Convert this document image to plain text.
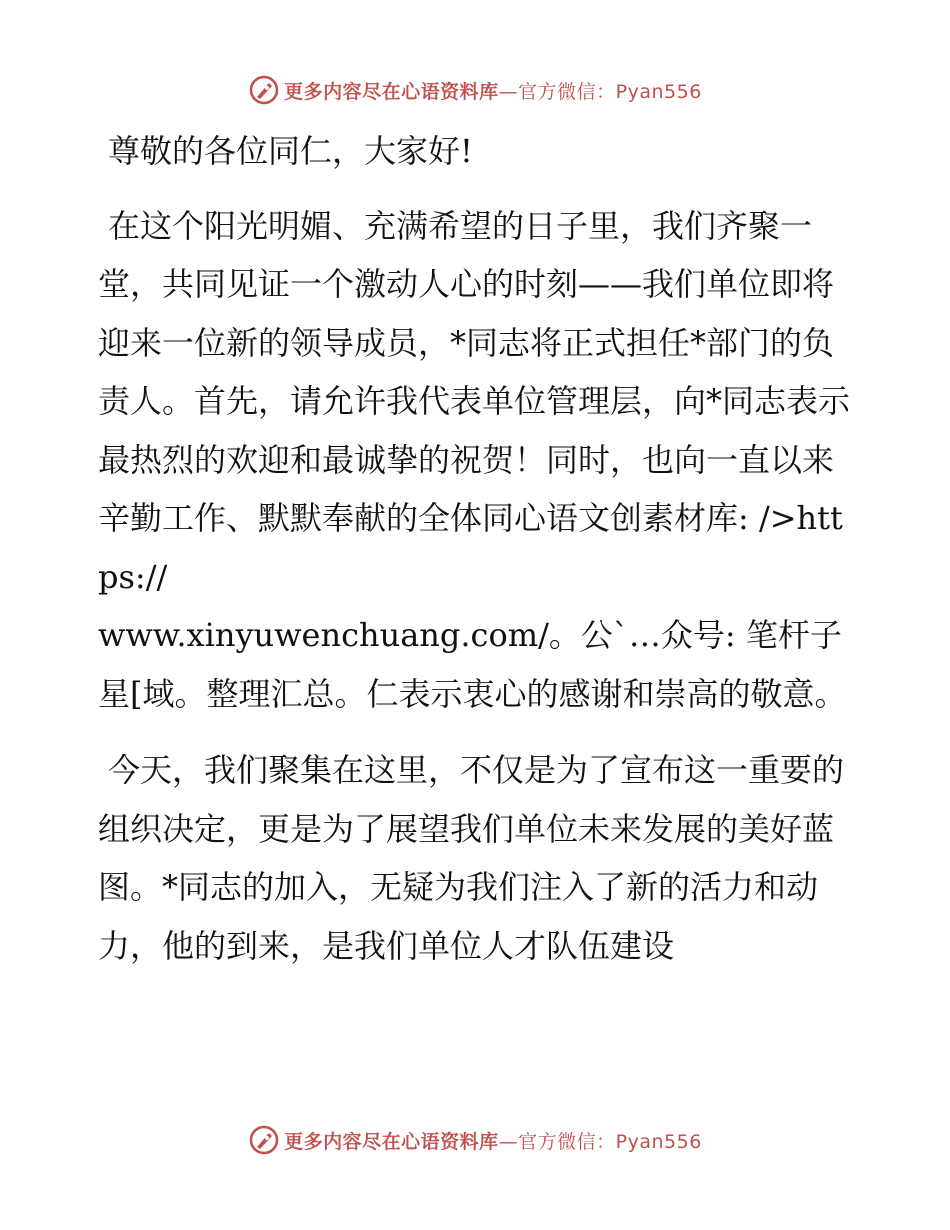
更多内容尽在心语资料库—官方微信：Pyan556

尊敬的各位同仁，大家好!

在这个阳光明媚、充满希望的日子里，我们齐聚一堂，共同见证一个激动人心的时刻——我们单位即将迎来一位新的领导成员，*同志将正式担任*部门的负责人。首先，请允许我代表单位管理层，向*同志表示最热烈的欢迎和最诚挚的祝贺！同时，也向一直以来辛勤工作、默默奉献的全体同心语文创素材库: />https://

www.xinyuwenchuang.com/。公`…众号: 笔杆子星[域。整理汇总。仁表示衷心的感谢和崇高的敬意。

今天，我们聚集在这里，不仅是为了宣布这一重要的组织决定，更是为了展望我们单位未来发展的美好蓝图。*同志的加入，无疑为我们注入了新的活力和动力，他的到来，是我们单位人才队伍建设

更多内容尽在心语资料库—官方微信：Pyan556
